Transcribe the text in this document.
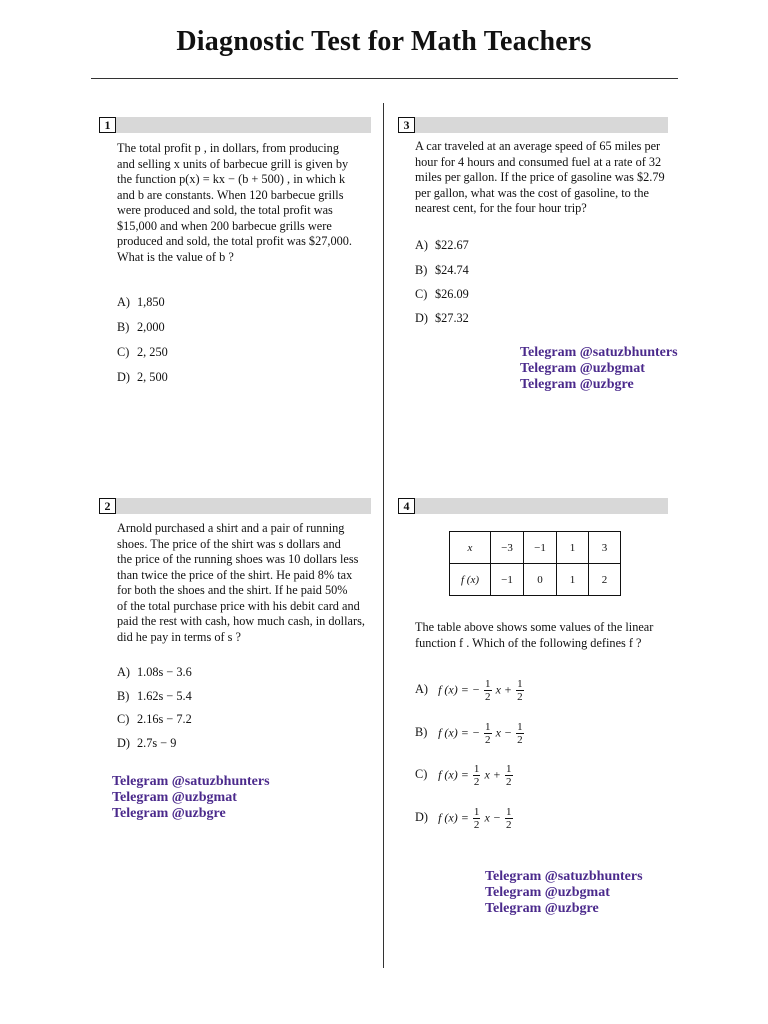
Diagnostic Test for Math Teachers
1
The total profit p , in dollars, from producing
and selling x units of barbecue grill is given by
the function p(x) = kx − (b + 500) , in which k
and b are constants. When 120 barbecue grills
were produced and sold, the total profit was
$15,000 and when 200 barbecue grills were
produced and sold, the total profit was $27,000.
What is the value of b ?
A) 1,850
B) 2,000
C) 2, 250
D) 2, 500
3
A car traveled at an average speed of 65 miles per
hour for 4 hours and consumed fuel at a rate of 32
miles per gallon. If the price of gasoline was $2.79
per gallon, what was the cost of gasoline, to the
nearest cent, for the four hour trip?
A) $22.67
B) $24.74
C) $26.09
D) $27.32
Telegram @satuzbhunters
Telegram @uzbgmat
Telegram @uzbgre
2
Arnold purchased a shirt and a pair of running
shoes. The price of the shirt was s dollars and
the price of the running shoes was 10 dollars less
than twice the price of the shirt. He paid 8% tax
for both the shoes and the shirt. If he paid 50%
of the total purchase price with his debit card and
paid the rest with cash, how much cash, in dollars,
did he pay in terms of s ?
A) 1.08s − 3.6
B) 1.62s − 5.4
C) 2.16s − 7.2
D) 2.7s − 9
Telegram @satuzbhunters
Telegram @uzbgmat
Telegram @uzbgre
4
x	−3	−1	1	3
f (x)	−1	0	1	2
The table above shows some values of the linear
function f . Which of the following defines f ?
A) f (x) = − $\frac{1}{2}$ $x + \frac{1}{2}$
B) f (x) = − $\frac{1}{2}$ $x - \frac{1}{2}$
C) f $(x) = \frac{1}{2}$ $x + \frac{1}{2}$
D) f $(x) = \frac{1}{2}$ $x - \frac{1}{2}$
Telegram @satuzbhunters
Telegram @uzbgmat
Telegram @uzbgre
